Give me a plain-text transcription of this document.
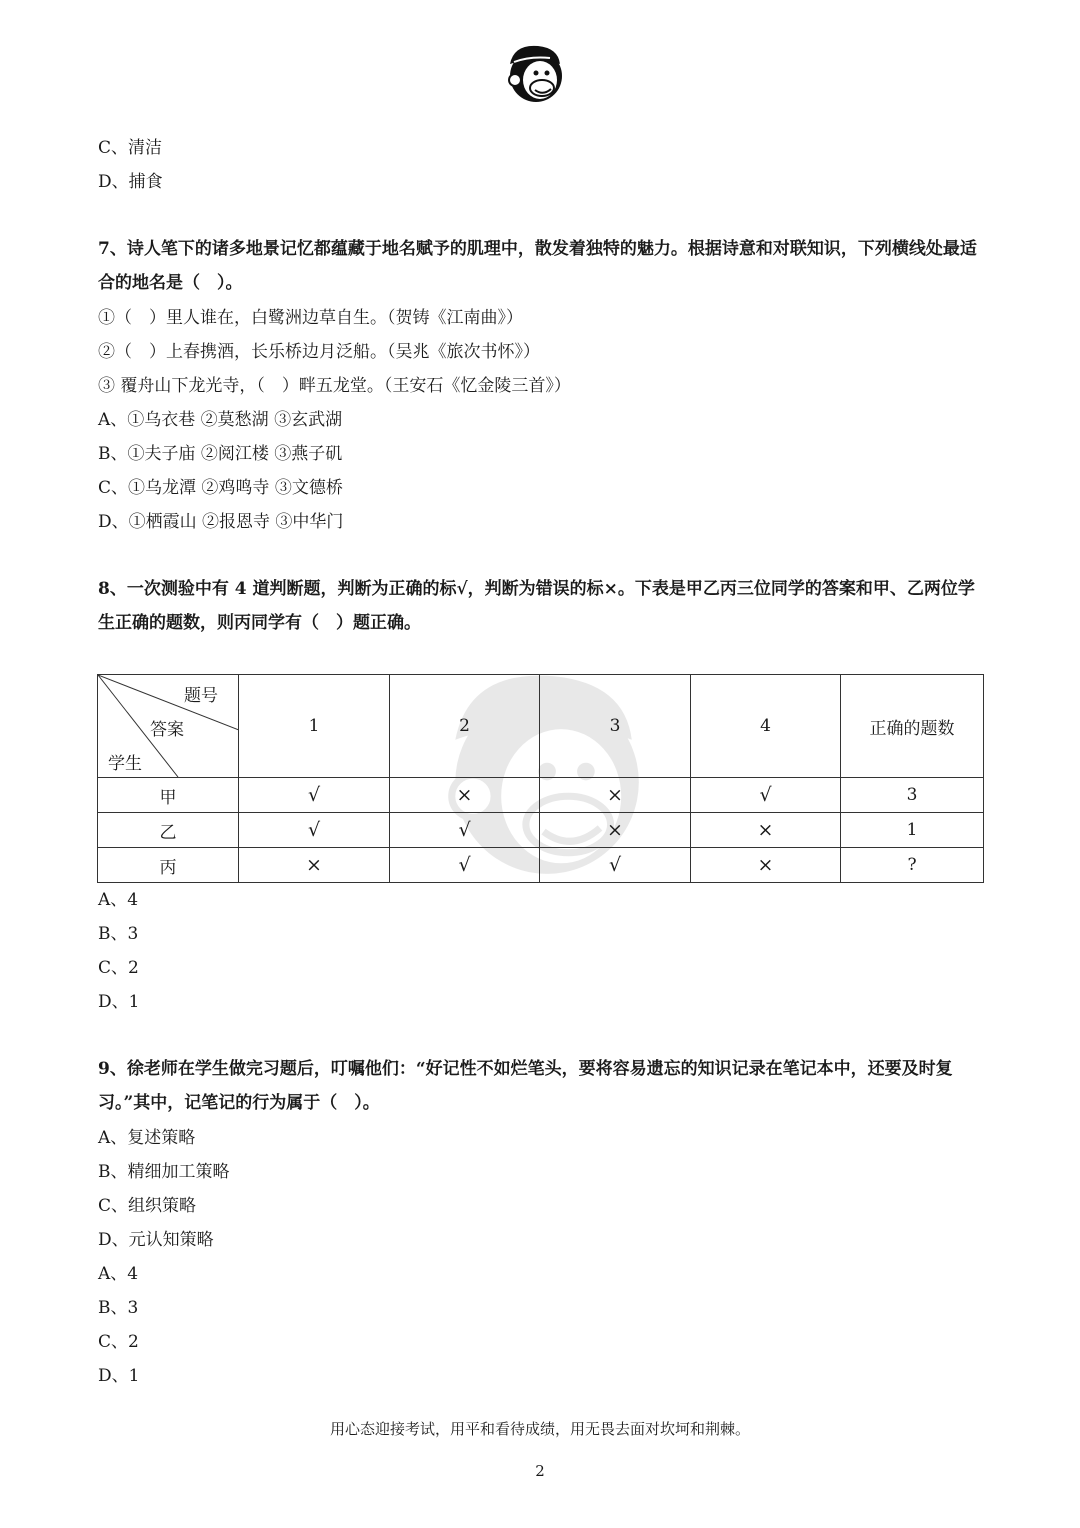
C、清洁
D、捕食
7、诗人笔下的诸多地景记忆都蕴藏于地名赋予的肌理中，散发着独特的魅力。根据诗意和对联知识，下列横线处最适合的地名是（　）。
①（　）里人谁在，白鹭洲边草自生。（贺铸《江南曲》）
②（　）上春携酒，长乐桥边月泛船。（吴兆《旅次书怀》）
③ 覆舟山下龙光寺，（　）畔五龙堂。（王安石《忆金陵三首》）
A、①乌衣巷 ②莫愁湖 ③玄武湖
B、①夫子庙 ②阅江楼 ③燕子矶
C、①乌龙潭 ②鸡鸣寺 ③文德桥
D、①栖霞山 ②报恩寺 ③中华门
8、一次测验中有 4 道判断题，判断为正确的标√，判断为错误的标×。下表是甲乙丙三位同学的答案和甲、乙两位学生正确的题数，则丙同学有（　）题正确。
题号
答案
学生	1	2	3	4	正确的题数
甲	√	×	×	√	3
乙	√	√	×	×	1
丙	×	√	√	×	?
A、4
B、3
C、2
D、1
9、徐老师在学生做完习题后，叮嘱他们：“好记性不如烂笔头，要将容易遗忘的知识记录在笔记本中，还要及时复习。”其中，记笔记的行为属于（　）。
A、复述策略
B、精细加工策略
C、组织策略
D、元认知策略
A、4
B、3
C、2
D、1
用心态迎接考试，用平和看待成绩，用无畏去面对坎坷和荆棘。
2
